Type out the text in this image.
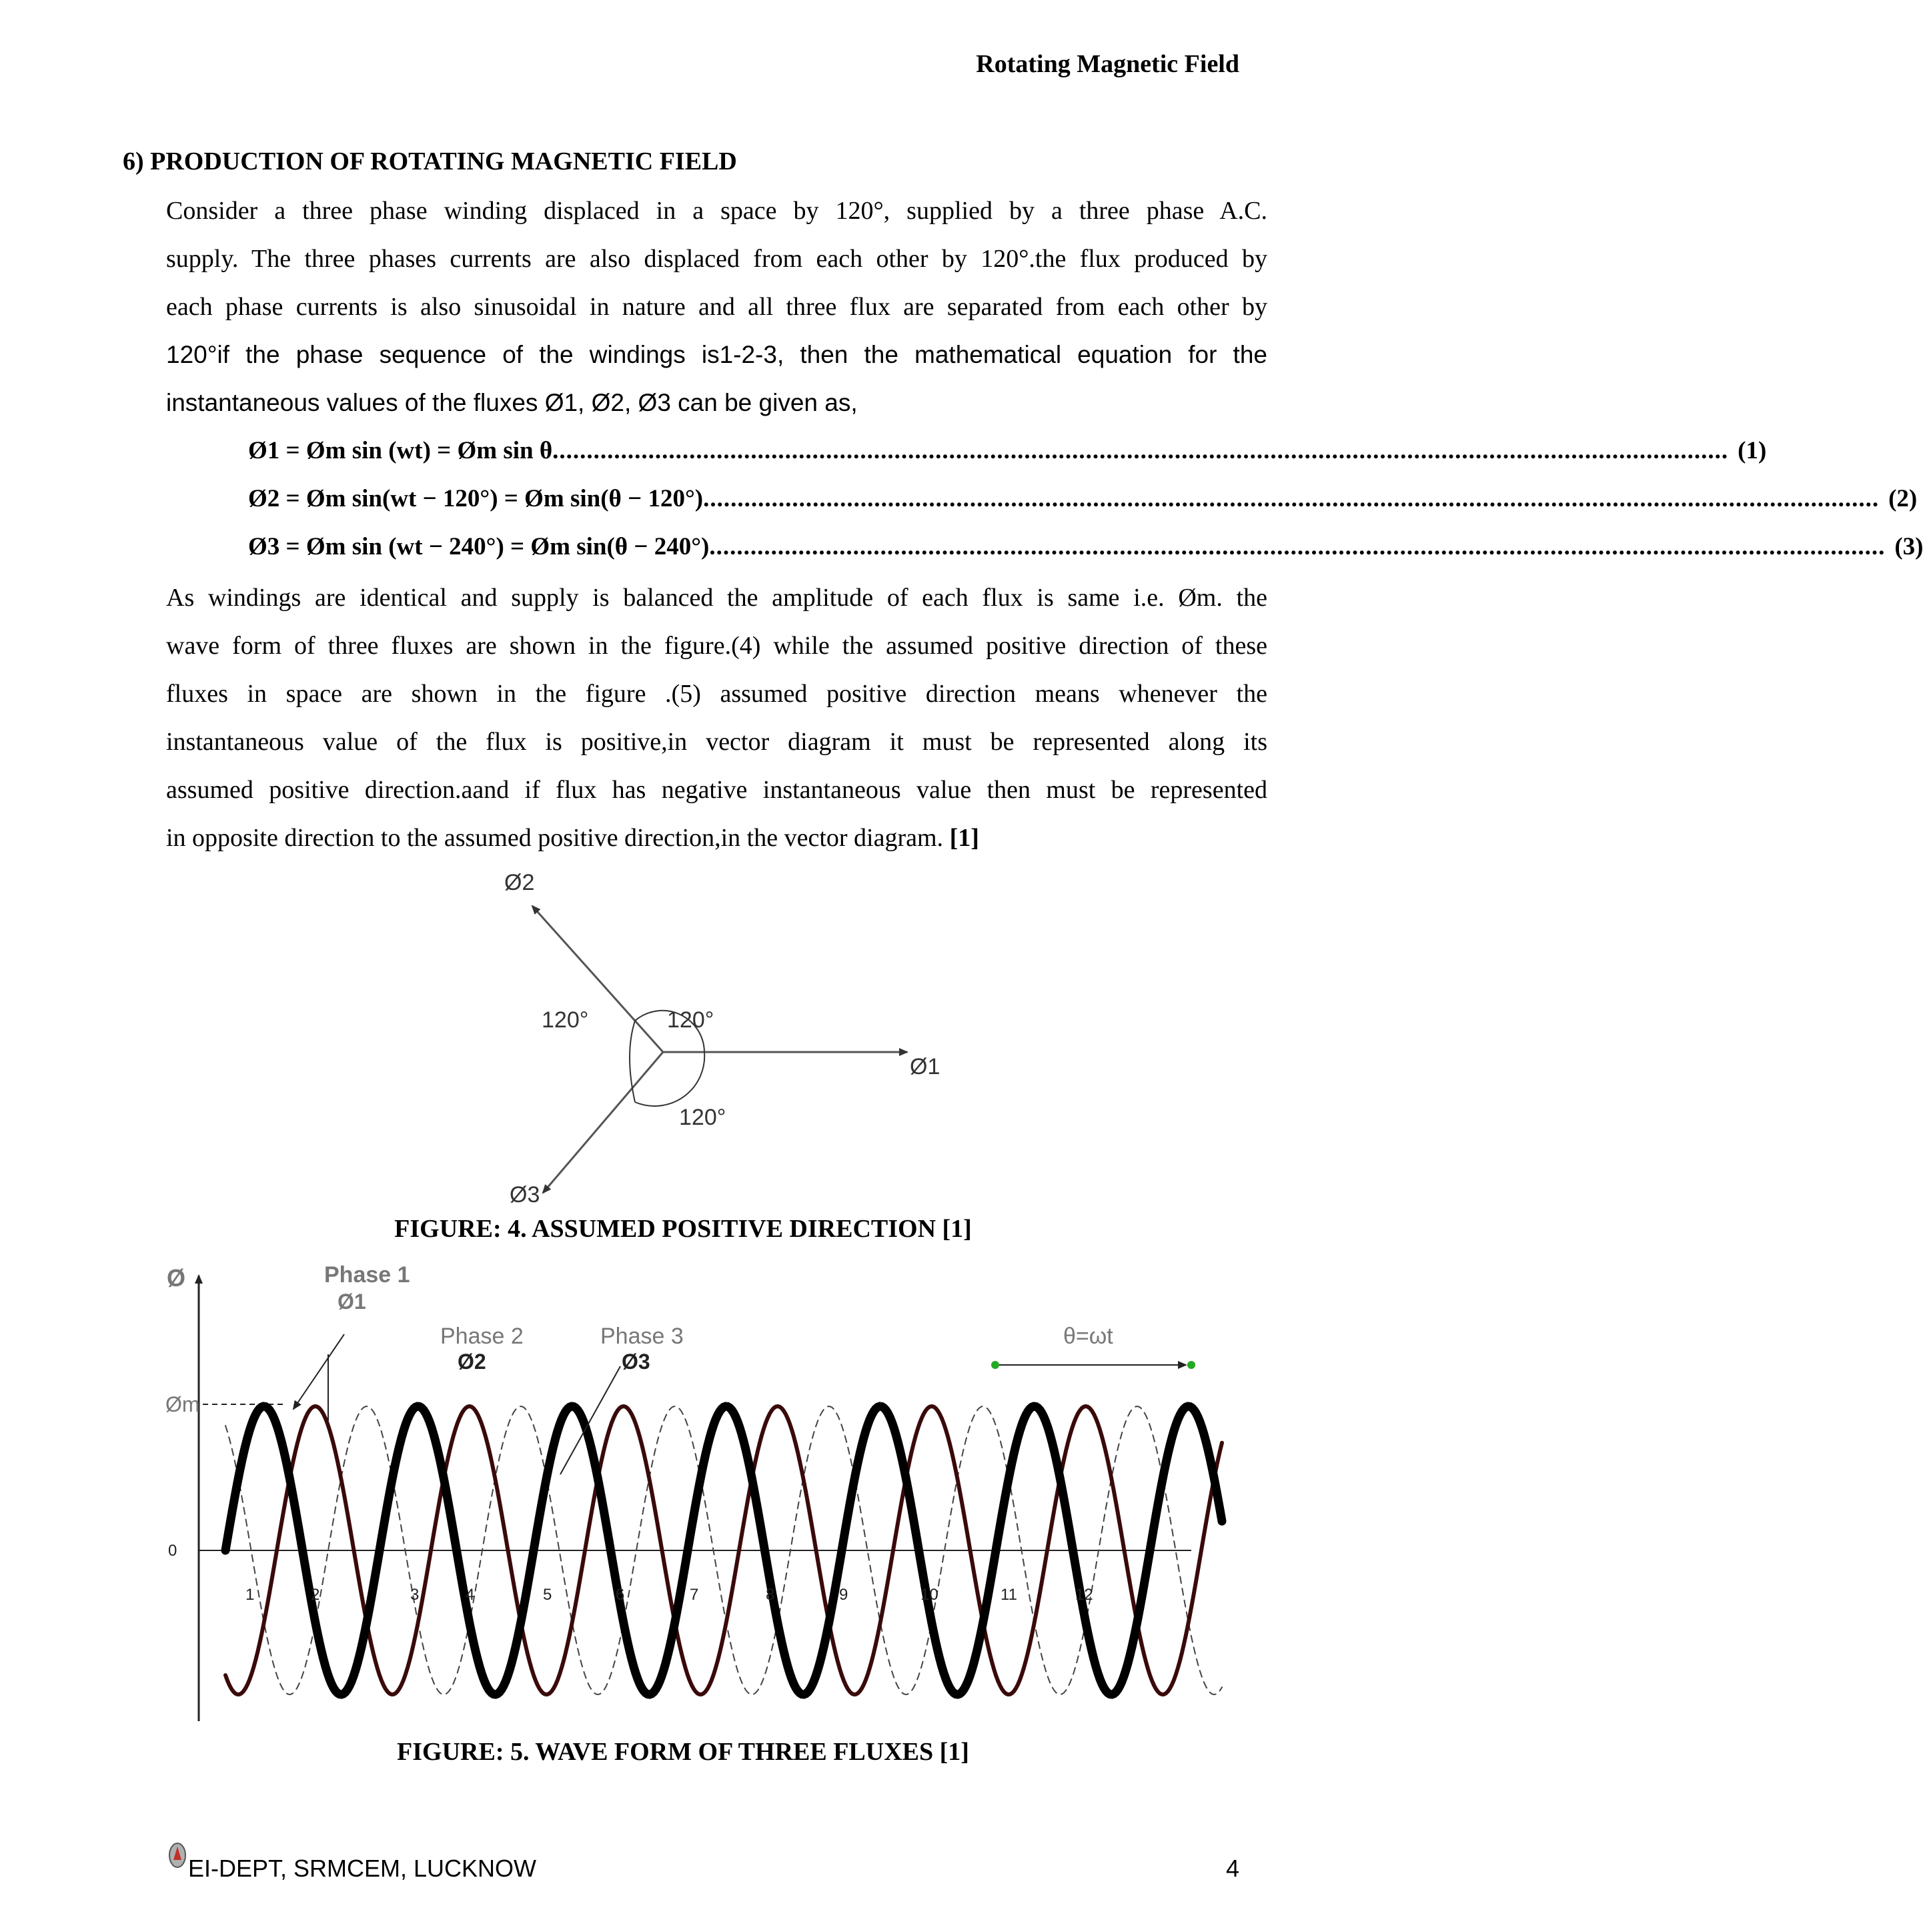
Rotating Magnetic Field
6) PRODUCTION OF ROTATING MAGNETIC FIELD
Consider a three phase winding displaced in a space by 120°, supplied by a three phase A.C.
supply. The three phases currents are also displaced from each other by 120°.the flux produced by
each phase currents is also sinusoidal in nature and all three flux are separated from each other by
120°if the phase sequence of the windings is1-2-3, then the mathematical equation for the
instantaneous values of the fluxes Ø1, Ø2, Ø3 can be given as,
Ø1 = Øm sin (wt) = Øm sin θ ............................................................................................................................................................................ (1)
Ø2 = Øm sin(wt − 120°) = Øm sin(θ − 120°) ............................................................................................................................................................................ (2)
Ø3 = Øm sin (wt − 240°) = Øm sin(θ − 240°) ............................................................................................................................................................................ (3)
As windings are identical and supply is balanced the amplitude of each flux is same i.e. Øm. the
wave form of three fluxes are shown in the figure.(4) while the assumed positive direction of these
fluxes in space are shown in the figure .(5) assumed positive direction means whenever the
instantaneous value of the flux is positive,in vector diagram it must be represented along its
assumed positive direction.aand if flux has negative instantaneous value then must be represented
in opposite direction to the assumed positive direction,in the vector diagram. [1]
Ø2
Ø1
Ø3
120°	120°
120°
FIGURE: 4. ASSUMED POSITIVE DIRECTION [1]
Ø
Øm
0
1	2	3	4	5	6	7	8	9	10	11	12
Phase 1
Ø1
Phase 2
Ø2
Phase 3
Ø3
θ=ωt
FIGURE: 5. WAVE FORM OF THREE FLUXES [1]
EI-DEPT, SRMCEM, LUCKNOW	4
